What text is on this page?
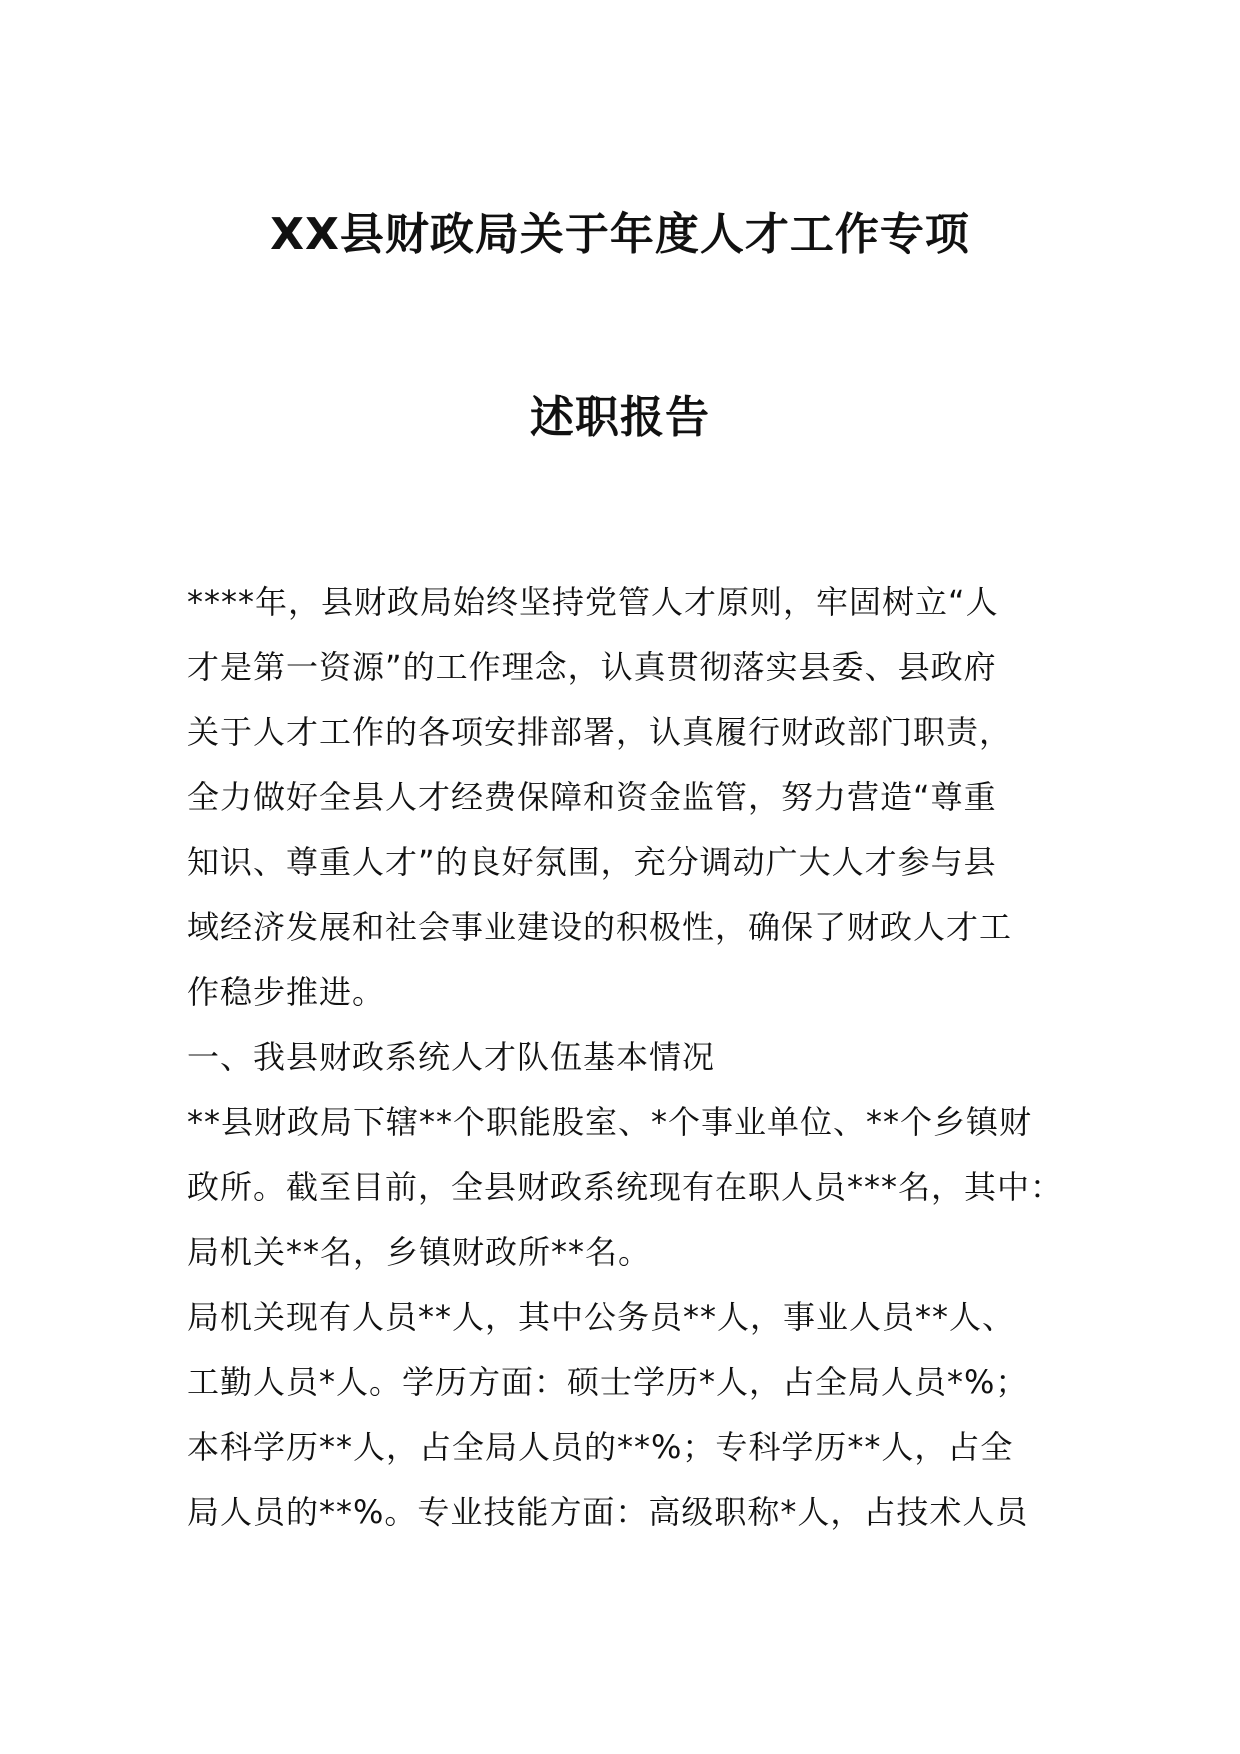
XX县财政局关于年度人才工作专项
述职报告

****年，县财政局始终坚持党管人才原则，牢固树立“人
才是第一资源”的工作理念，认真贯彻落实县委、县政府
关于人才工作的各项安排部署，认真履行财政部门职责，
全力做好全县人才经费保障和资金监管，努力营造“尊重
知识、尊重人才”的良好氛围，充分调动广大人才参与县
域经济发展和社会事业建设的积极性，确保了财政人才工
作稳步推进。

一、我县财政系统人才队伍基本情况

**县财政局下辖**个职能股室、*个事业单位、**个乡镇财
政所。截至目前，全县财政系统现有在职人员***名，其中：
局机关**名，乡镇财政所**名。

局机关现有人员**人，其中公务员**人，事业人员**人、
工勤人员*人。学历方面：硕士学历*人，占全局人员*%；
本科学历**人，占全局人员的**%；专科学历**人，占全
局人员的**%。专业技能方面：高级职称*人，占技术人员
